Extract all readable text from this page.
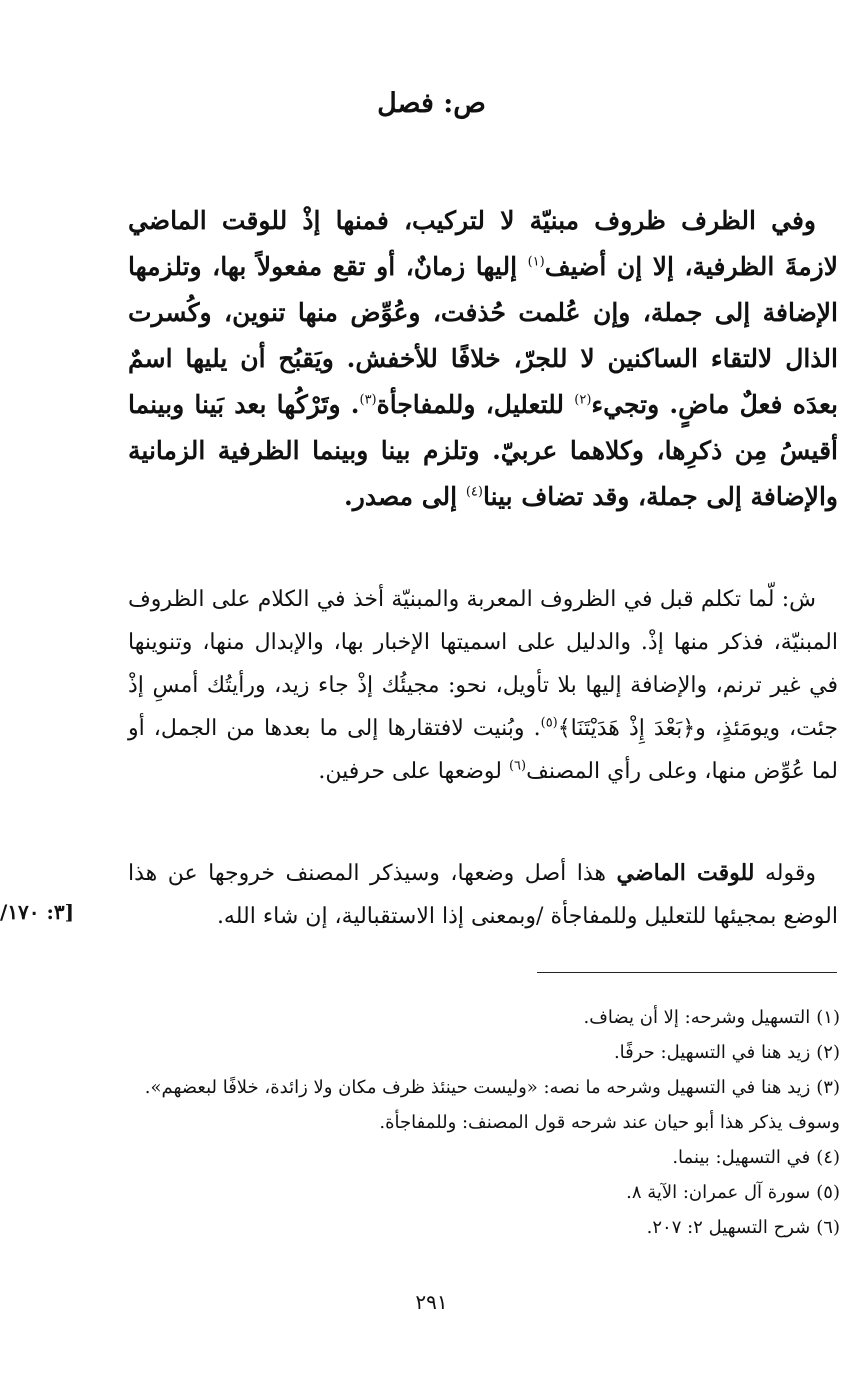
ص: فصل
وفي الظرف ظروف مبنيّة لا لتركيب، فمنها إذْ للوقت الماضي لازمةَ الظرفية، إلا إن أضيف$^{(١)}$ إليها زمانٌ، أو تقع مفعولاً بها، وتلزمها الإضافة إلى جملة، وإن عُلمت حُذفت، وعُوِّض منها تنوين، وكُسرت الذال لالتقاء الساكنين لا للجرّ، خلافًا للأخفش. ويَقبُح أن يليها اسمٌ بعدَه فعلٌ ماضٍ. وتجيء$^{(٢)}$ للتعليل، وللمفاجأة$^{(٣)}$. وتَرْكُها بعد بَينا وبينما أقيسُ مِن ذكرِها، وكلاهما عربيّ. وتلزم بينا وبينما الظرفية الزمانية والإضافة إلى جملة، وقد تضاف بينا$^{(٤)}$ إلى مصدر.
ش: لّما تكلم قبل في الظروف المعربة والمبنيّة أخذ في الكلام على الظروف المبنيّة، فذكر منها إذْ. والدليل على اسميتها الإخبار بها، والإبدال منها، وتنوينها في غير ترنم، والإضافة إليها بلا تأويل، نحو: مجيئُك إذْ جاء زيد، ورأيتُك أمسِ إذْ جئت، ويومَئذٍ، و﴿بَعْدَ إِذْ هَدَيْتَنَا﴾$^{(٥)}$. وبُنيت لافتقارها إلى ما بعدها من الجمل، أو لما عُوِّض منها، وعلى رأي المصنف$^{(٦)}$ لوضعها على حرفين.
وقوله للوقت الماضي هذا أصل وضعها، وسيذكر المصنف خروجها عن هذا الوضع بمجيئها للتعليل وللمفاجأة /وبمعنى إذا الاستقبالية، إن شاء الله.
[٣: ١٧٠/
(١)التسهيل وشرحه: إلا أن يضاف.
(٢)زيد هنا في التسهيل: حرفًا.
(٣)زيد هنا في التسهيل وشرحه ما نصه: «وليست حينئذ ظرف مكان ولا زائدة، خلافًا لبعضهم». وسوف يذكر هذا أبو حيان عند شرحه قول المصنف: وللمفاجأة.
(٤)في التسهيل: بينما.
(٥)سورة آل عمران: الآية ٨.
(٦)شرح التسهيل ٢: ٢٠٧.
٢٩١
